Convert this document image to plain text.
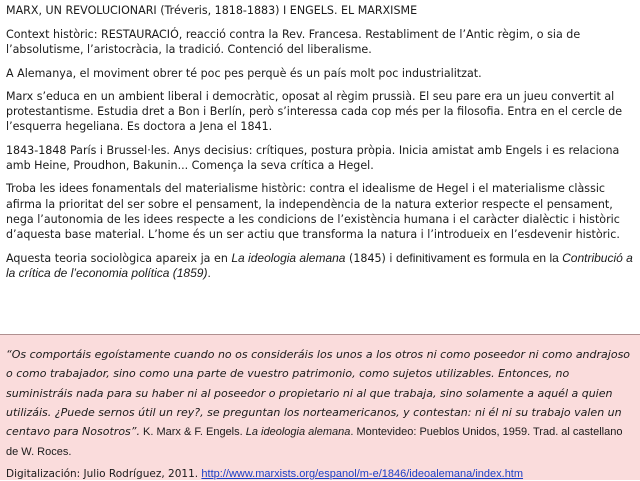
MARX, UN REVOLUCIONARI (Tréveris, 1818-1883) I ENGELS. EL MARXISME

Context històric: RESTAURACIÓ, reacció contra la Rev. Francesa. Restabliment de l’Antic règim, o sia de l’absolutisme, l’aristocràcia, la tradició. Contenció del liberalisme.

A Alemanya, el moviment obrer té poc pes perquè és un país molt poc industrialitzat.

Marx s’educa en un ambient liberal i democràtic, oposat al règim prussià. El seu pare era un jueu convertit al protestantisme. Estudia dret a Bon i Berlín, però s’interessa cada cop més per la filosofia. Entra en el cercle de l’esquerra hegeliana. Es doctora a Jena el 1841.

1843-1848 París i Brussel·les. Anys decisius: crítiques, postura pròpia. Inicia amistat amb Engels i es relaciona amb Heine, Proudhon, Bakunin... Comença la seva crítica a Hegel.

Troba les idees fonamentals del materialisme històric: contra el idealisme de Hegel i el materialisme clàssic afirma la prioritat del ser sobre el pensament, la independència de la natura exterior respecte el pensament, nega l’autonomia de les idees respecte a les condicions de l’existència humana i el caràcter dialèctic i històric d’aquesta base material. L’home és un ser actiu que transforma la natura i l’introdueix en l’esdevenir històric.

Aquesta teoria sociològica apareix ja en La ideologia alemana (1845) i definitivament es formula en la Contribució a la crítica de l’economia política (1859).

“Os comportáis egoístamente cuando no os consideráis los unos a los otros ni como poseedor ni como andrajoso o como trabajador, sino como una parte de vuestro patrimonio, como sujetos utilizables. Entonces, no suministráis nada para su haber ni al poseedor o propietario ni al que trabaja, sino solamente a aquél a quien utilizáis. ¿Puede sernos útil un rey?, se preguntan los norteamericanos, y contestan: ni él ni su trabajo valen un centavo para Nosotros”. K. Marx & F. Engels. La ideologia alemana. Montevideo: Pueblos Unidos, 1959. Trad. al castellano de W. Roces.

Digitalización: Julio Rodríguez, 2011. http://www.marxists.org/espanol/m-e/1846/ideoalemana/index.htm
